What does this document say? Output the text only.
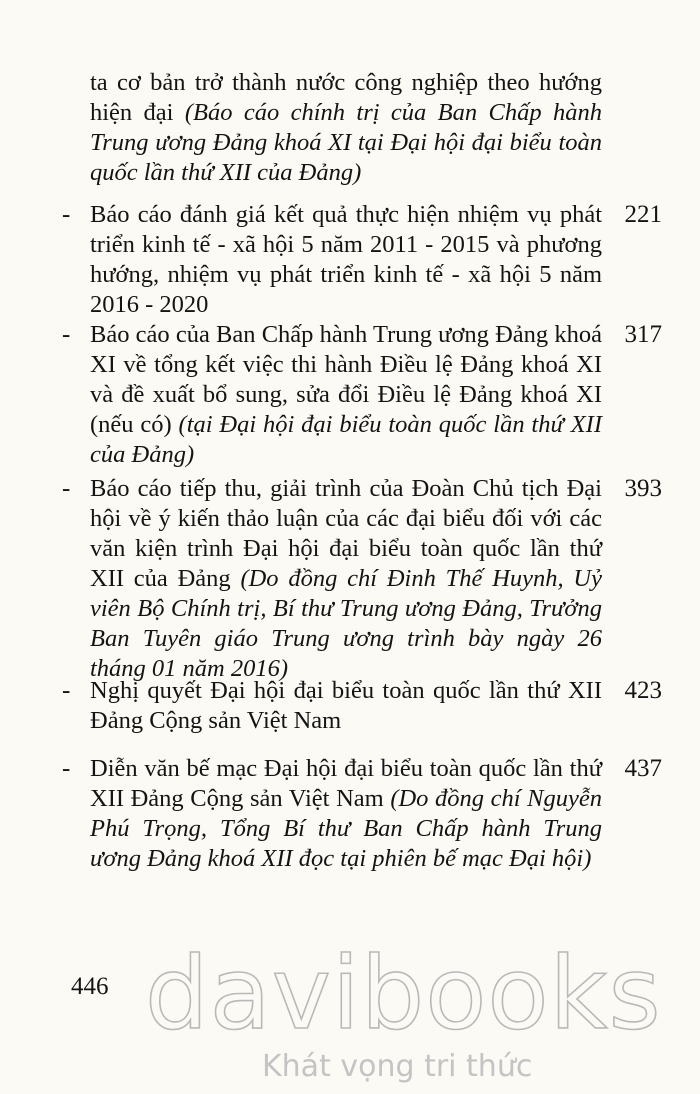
ta cơ bản trở thành nước công nghiệp theo hướng hiện đại (Báo cáo chính trị của Ban Chấp hành Trung ương Đảng khoá XI tại Đại hội đại biểu toàn quốc lần thứ XII của Đảng)
- Báo cáo đánh giá kết quả thực hiện nhiệm vụ phát triển kinh tế - xã hội 5 năm 2011 - 2015 và phương hướng, nhiệm vụ phát triển kinh tế - xã hội 5 năm 2016 - 2020
221
- Báo cáo của Ban Chấp hành Trung ương Đảng khoá XI về tổng kết việc thi hành Điều lệ Đảng khoá XI và đề xuất bổ sung, sửa đổi Điều lệ Đảng khoá XI (nếu có) (tại Đại hội đại biểu toàn quốc lần thứ XII của Đảng)
317
- Báo cáo tiếp thu, giải trình của Đoàn Chủ tịch Đại hội về ý kiến thảo luận của các đại biểu đối với các văn kiện trình Đại hội đại biểu toàn quốc lần thứ XII của Đảng (Do đồng chí Đinh Thế Huynh, Uỷ viên Bộ Chính trị, Bí thư Trung ương Đảng, Trưởng Ban Tuyên giáo Trung ương trình bày ngày 26 tháng 01 năm 2016)
393
- Nghị quyết Đại hội đại biểu toàn quốc lần thứ XII Đảng Cộng sản Việt Nam
423
- Diễn văn bế mạc Đại hội đại biểu toàn quốc lần thứ XII Đảng Cộng sản Việt Nam (Do đồng chí Nguyễn Phú Trọng, Tổng Bí thư Ban Chấp hành Trung ương Đảng khoá XII đọc tại phiên bế mạc Đại hội)
437
446 davibooks
Khát vọng tri thức
